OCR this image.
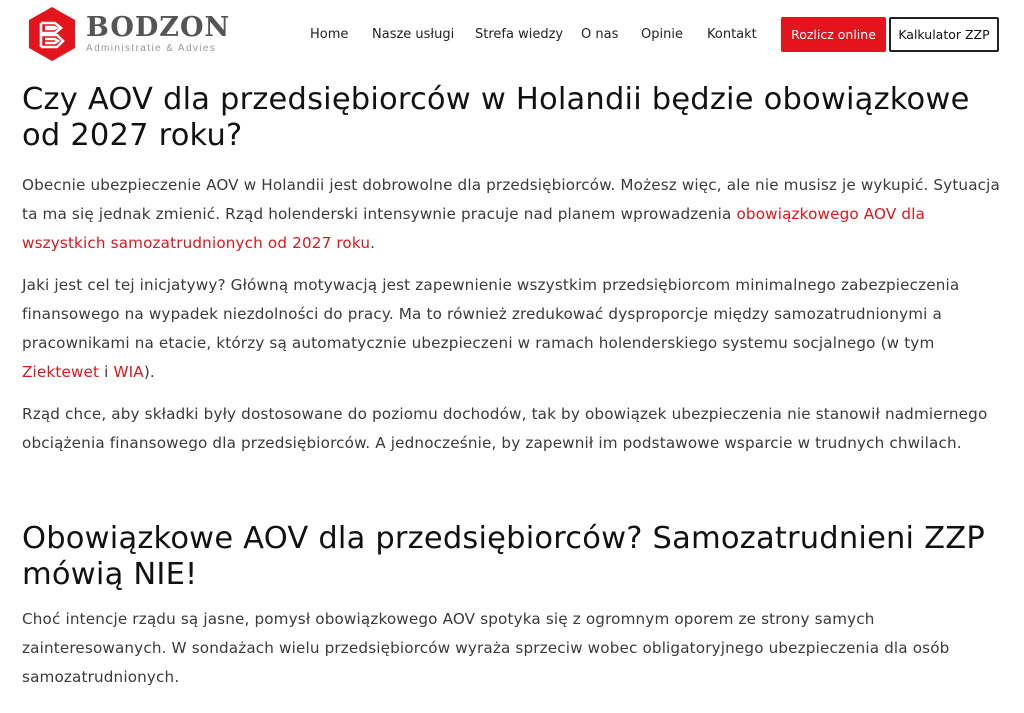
BODZON
Administratie & Advies
Home Nasze usługi Strefa wiedzy O nas Opinie Kontakt	Rozlicz online	Kalkulator ZZP
Czy AOV dla przedsiębiorców w Holandii będzie obowiązkowe od 2027 roku?

Obecnie ubezpieczenie AOV w Holandii jest dobrowolne dla przedsiębiorców. Możesz więc, ale nie musisz je wykupić. Sytuacja ta ma się jednak zmienić. Rząd holenderski intensywnie pracuje nad planem wprowadzenia obowiązkowego AOV dla wszystkich samozatrudnionych od 2027 roku.

Jaki jest cel tej inicjatywy? Główną motywacją jest zapewnienie wszystkim przedsiębiorcom minimalnego zabezpieczenia finansowego na wypadek niezdolności do pracy. Ma to również zredukować dysproporcje między samozatrudnionymi a pracownikami na etacie, którzy są automatycznie ubezpieczeni w ramach holenderskiego systemu socjalnego (w tym Ziektewet i WIA).

Rząd chce, aby składki były dostosowane do poziomu dochodów, tak by obowiązek ubezpieczenia nie stanowił nadmiernego obciążenia finansowego dla przedsiębiorców. A jednocześnie, by zapewnił im podstawowe wsparcie w trudnych chwilach.

Obowiązkowe AOV dla przedsiębiorców? Samozatrudnieni ZZP mówią NIE!

Choć intencje rządu są jasne, pomysł obowiązkowego AOV spotyka się z ogromnym oporem ze strony samych zainteresowanych. W sondażach wielu przedsiębiorców wyraża sprzeciw wobec obligatoryjnego ubezpieczenia dla osób samozatrudnionych.
